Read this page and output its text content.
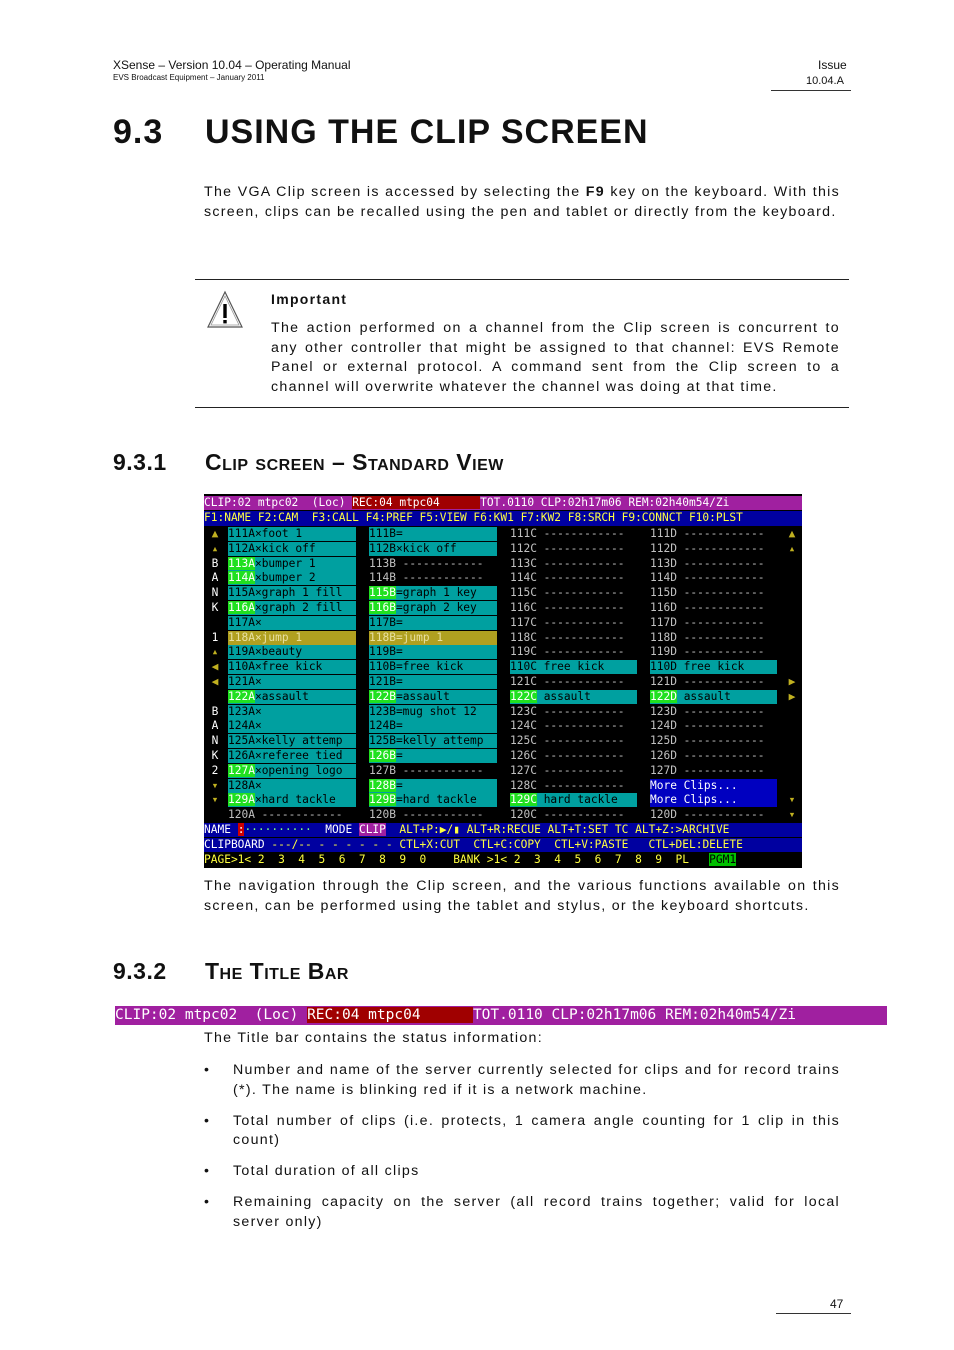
XSense – Version 10.04 – Operating Manual
EVS Broadcast Equipment – January 2011
Issue
10.04.A
9.3 USING THE CLIP SCREEN

The VGA Clip screen is accessed by selecting the F9 key on the keyboard. With this screen, clips can be recalled using the pen and tablet or directly from the keyboard.

Important

The action performed on a channel from the Clip screen is concurrent to any other controller that might be assigned to that channel: EVS Remote Panel or external protocol. A command sent from the Clip screen to a channel will overwrite whatever the channel was doing at that time.

9.3.1 Clip screen – Standard View
CLIP:02 mtpc02  (Loc) REC:04 mtpc04      TOT.0110 CLP:02h17m06 REM:02h40m54/Zi
F1:NAME F2:CAM  F3:CALL F4:PREF F5:VIEW F6:KW1 F7:KW2 F8:SRCH F9:CONNCT F10:PLST
111A×foot 1
112A×kick off
113A×bumper 1
114A×bumper 2
115A×graph 1 fill
116A×graph 2 fill
117A×
118A×jump 1
119A×beauty
110A×free kick
121A×
122A×assault
123A×
124A×
125A×kelly attemp
126A×referee tied
127A×opening logo
128A×
129A×hard tackle
120A ------------
111B=
112B×kick off
113B ------------
114B ------------
115B=graph 1 key
116B=graph 2 key
117B=
118B=jump 1
119B=
110B=free kick
121B=
122B=assault
123B=mug shot 12
124B=
125B=kelly attemp
126B=
127B ------------
128B=
129B=hard tackle
120B ------------
111C ------------
112C ------------
113C ------------
114C ------------
115C ------------
116C ------------
117C ------------
118C ------------
119C ------------
110C free kick
121C ------------
122C assault
123C ------------
124C ------------
125C ------------
126C ------------
127C ------------
128C ------------
129C hard tackle
120C ------------
111D ------------
112D ------------
113D ------------
114D ------------
115D ------------
116D ------------
117D ------------
118D ------------
119D ------------
110D free kick
121D ------------
122D assault
123D ------------
124D ------------
125D ------------
126D ------------
127D ------------
More Clips...
More Clips...
120D ------------
▲
▴
B
A
N
K
1
▴
◀
◀
B
A
N
K
2
▾
▾
▲
▴
▶
▶
▾
▾
NAME :··········  MODE CLIP  ALT+P:▶/▮ ALT+R:RECUE ALT+T:SET TC ALT+Z:>ARCHIVE
CLIPBOARD ---/-- - - - - - - CTL+X:CUT  CTL+C:COPY  CTL+V:PASTE   CTL+DEL:DELETE
PAGE>1< 2  3  4  5  6  7  8  9  0    BANK >1< 2  3  4  5  6  7  8  9  PL   PGM1

The navigation through the Clip screen, and the various functions available on this screen, can be performed using the tablet and stylus, or the keyboard shortcuts.

9.3.2 The Title Bar
CLIP:02 mtpc02  (Loc) REC:04 mtpc04      TOT.0110 CLP:02h17m06 REM:02h40m54/Zi

The Title bar contains the status information:

• Number and name of the server currently selected for clips and for record trains (*). The name is blinking red if it is a network machine.
• Total number of clips (i.e. protects, 1 camera angle counting for 1 clip in this count)
• Total duration of all clips
• Remaining capacity on the server (all record trains together; valid for local server only)
47
